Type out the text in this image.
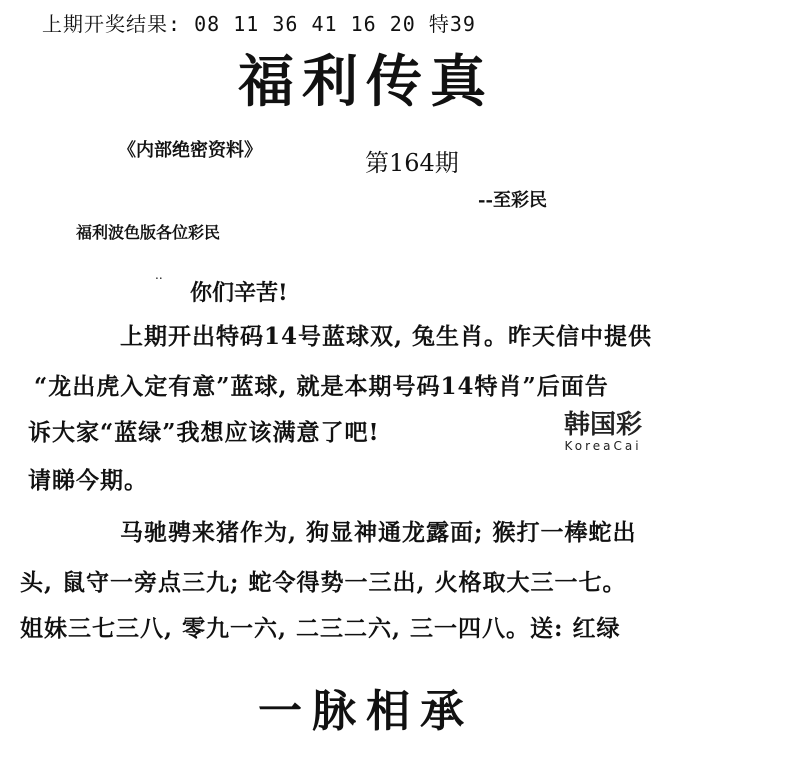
上期开奖结果: 08 11 36 41 16 20 特39
福利传真
《内部绝密资料》	第164期
--至彩民
福利波色版各位彩民
..
你们辛苦!
上期开出特码14号蓝球双, 兔生肖。昨天信中提供
“龙出虎入定有意”蓝球, 就是本期号码14特肖”后面告
诉大家“蓝绿”我想应该满意了吧!
请睇今期。
马驰骋来猪作为, 狗显神通龙露面; 猴打一棒蛇出
头, 鼠守一旁点三九; 蛇令得势一三出, 火格取大三一七。
姐妹三七三八, 零九一六, 二三二六, 三一四八。送: 红绿
韩国彩
KoreaCai
一脉相承
